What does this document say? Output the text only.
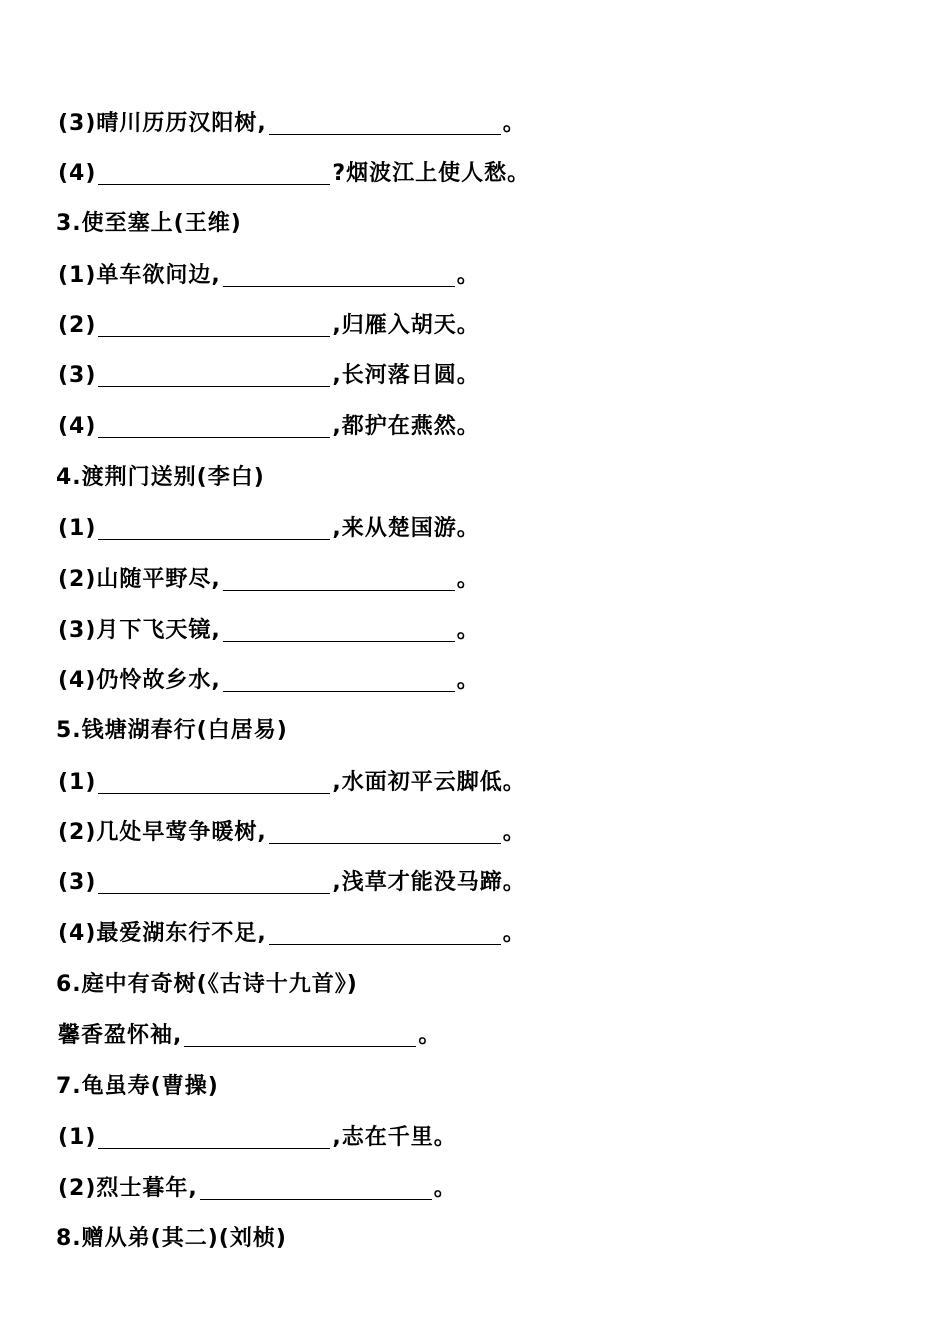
(3)晴川历历汉阳树,	。
(4)	?烟波江上使人愁。
3.使至塞上(王维)
(1)单车欲问边,	。
(2)	,归雁入胡天。
(3)	,长河落日圆。
(4)	,都护在燕然。
4.渡荆门送别(李白)
(1)	,来从楚国游。
(2)山随平野尽,	。
(3)月下飞天镜,	。
(4)仍怜故乡水,	。
5.钱塘湖春行(白居易)
(1)	,水面初平云脚低。
(2)几处早莺争暖树,	。
(3)	,浅草才能没马蹄。
(4)最爱湖东行不足,	。
6.庭中有奇树(《古诗十九首》)
馨香盈怀袖,	。
7.龟虽寿(曹操)
(1)	,志在千里。
(2)烈士暮年,	。
8.赠从弟(其二)(刘桢)
